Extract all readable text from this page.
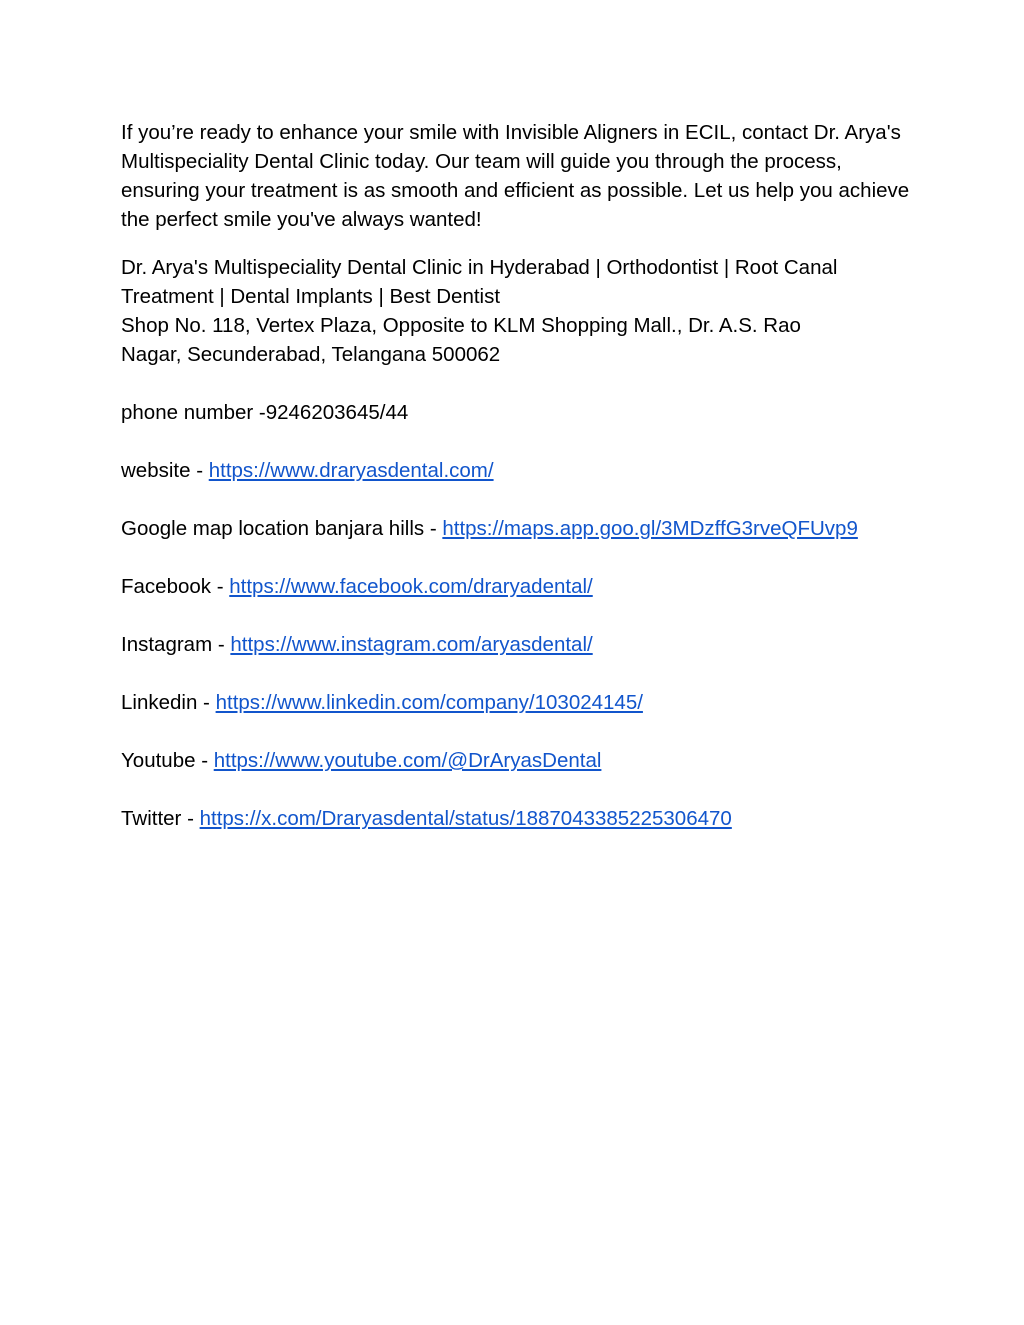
If you’re ready to enhance your smile with Invisible Aligners in ECIL, contact Dr. Arya's Multispeciality Dental Clinic today. Our team will guide you through the process, ensuring your treatment is as smooth and efficient as possible. Let us help you achieve the perfect smile you've always wanted!

Dr. Arya's Multispeciality Dental Clinic in Hyderabad | Orthodontist | Root Canal

Treatment | Dental Implants | Best Dentist

Shop No. 118, Vertex Plaza, Opposite to KLM Shopping Mall., Dr. A.S. Rao

Nagar, Secunderabad, Telangana 500062

phone number -9246203645/44

website - https://www.draryasdental.com/

Google map location banjara hills - https://maps.app.goo.gl/3MDzffG3rveQFUvp9

Facebook - https://www.facebook.com/draryadental/

Instagram - https://www.instagram.com/aryasdental/

Linkedin - https://www.linkedin.com/company/103024145/

Youtube - https://www.youtube.com/@DrAryasDental

Twitter - https://x.com/Draryasdental/status/1887043385225306470
